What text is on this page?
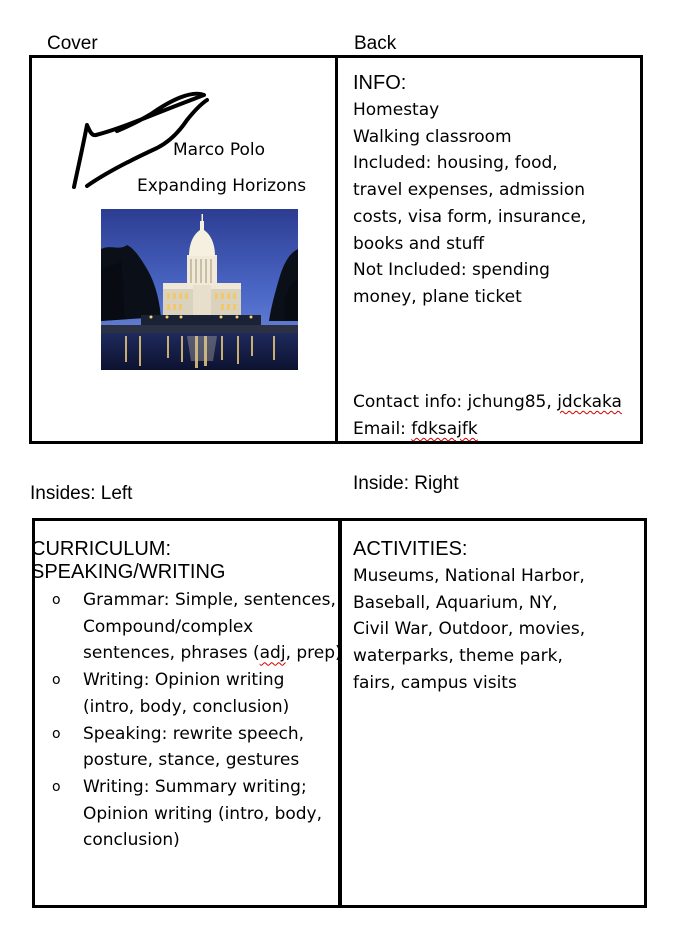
Cover	Back
Insides: Left	Inside: Right
Marco Polo
Expanding Horizons
INFO:
Homestay
Walking classroom
Included: housing, food,
travel expenses, admission
costs, visa form, insurance,
books and stuff
Not Included: spending
money, plane ticket
Contact info: jchung85, jdckaka
Email: fdksajfk
CURRICULUM:
SPEAKING/WRITING
o Grammar: Simple, sentences,
Compound/complex
sentences, phrases (adj, prep)
o Writing: Opinion writing
(intro, body, conclusion)
o Speaking: rewrite speech,
posture, stance, gestures
o Writing: Summary writing;
Opinion writing (intro, body,
conclusion)
ACTIVITIES:
Museums, National Harbor,
Baseball, Aquarium, NY,
Civil War, Outdoor, movies,
waterparks, theme park,
fairs, campus visits
